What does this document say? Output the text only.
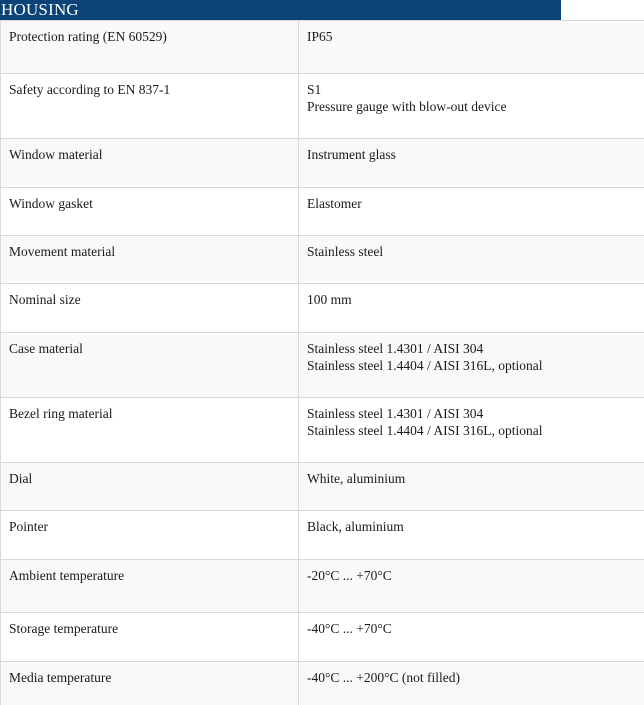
HOUSING
Protection rating (EN 60529)	IP65

Safety according to EN 837-1	S1
Pressure gauge with blow-out device

Window material	Instrument glass

Window gasket	Elastomer

Movement material	Stainless steel

Nominal size	100 mm

Case material	Stainless steel 1.4301 / AISI 304
Stainless steel 1.4404 / AISI 316L, optional

Bezel ring material	Stainless steel 1.4301 / AISI 304
Stainless steel 1.4404 / AISI 316L, optional

Dial	White, aluminium

Pointer	Black, aluminium

Ambient temperature	-20°C ... +70°C

Storage temperature	-40°C ... +70°C

Media temperature	-40°C ... +200°C (not filled)
